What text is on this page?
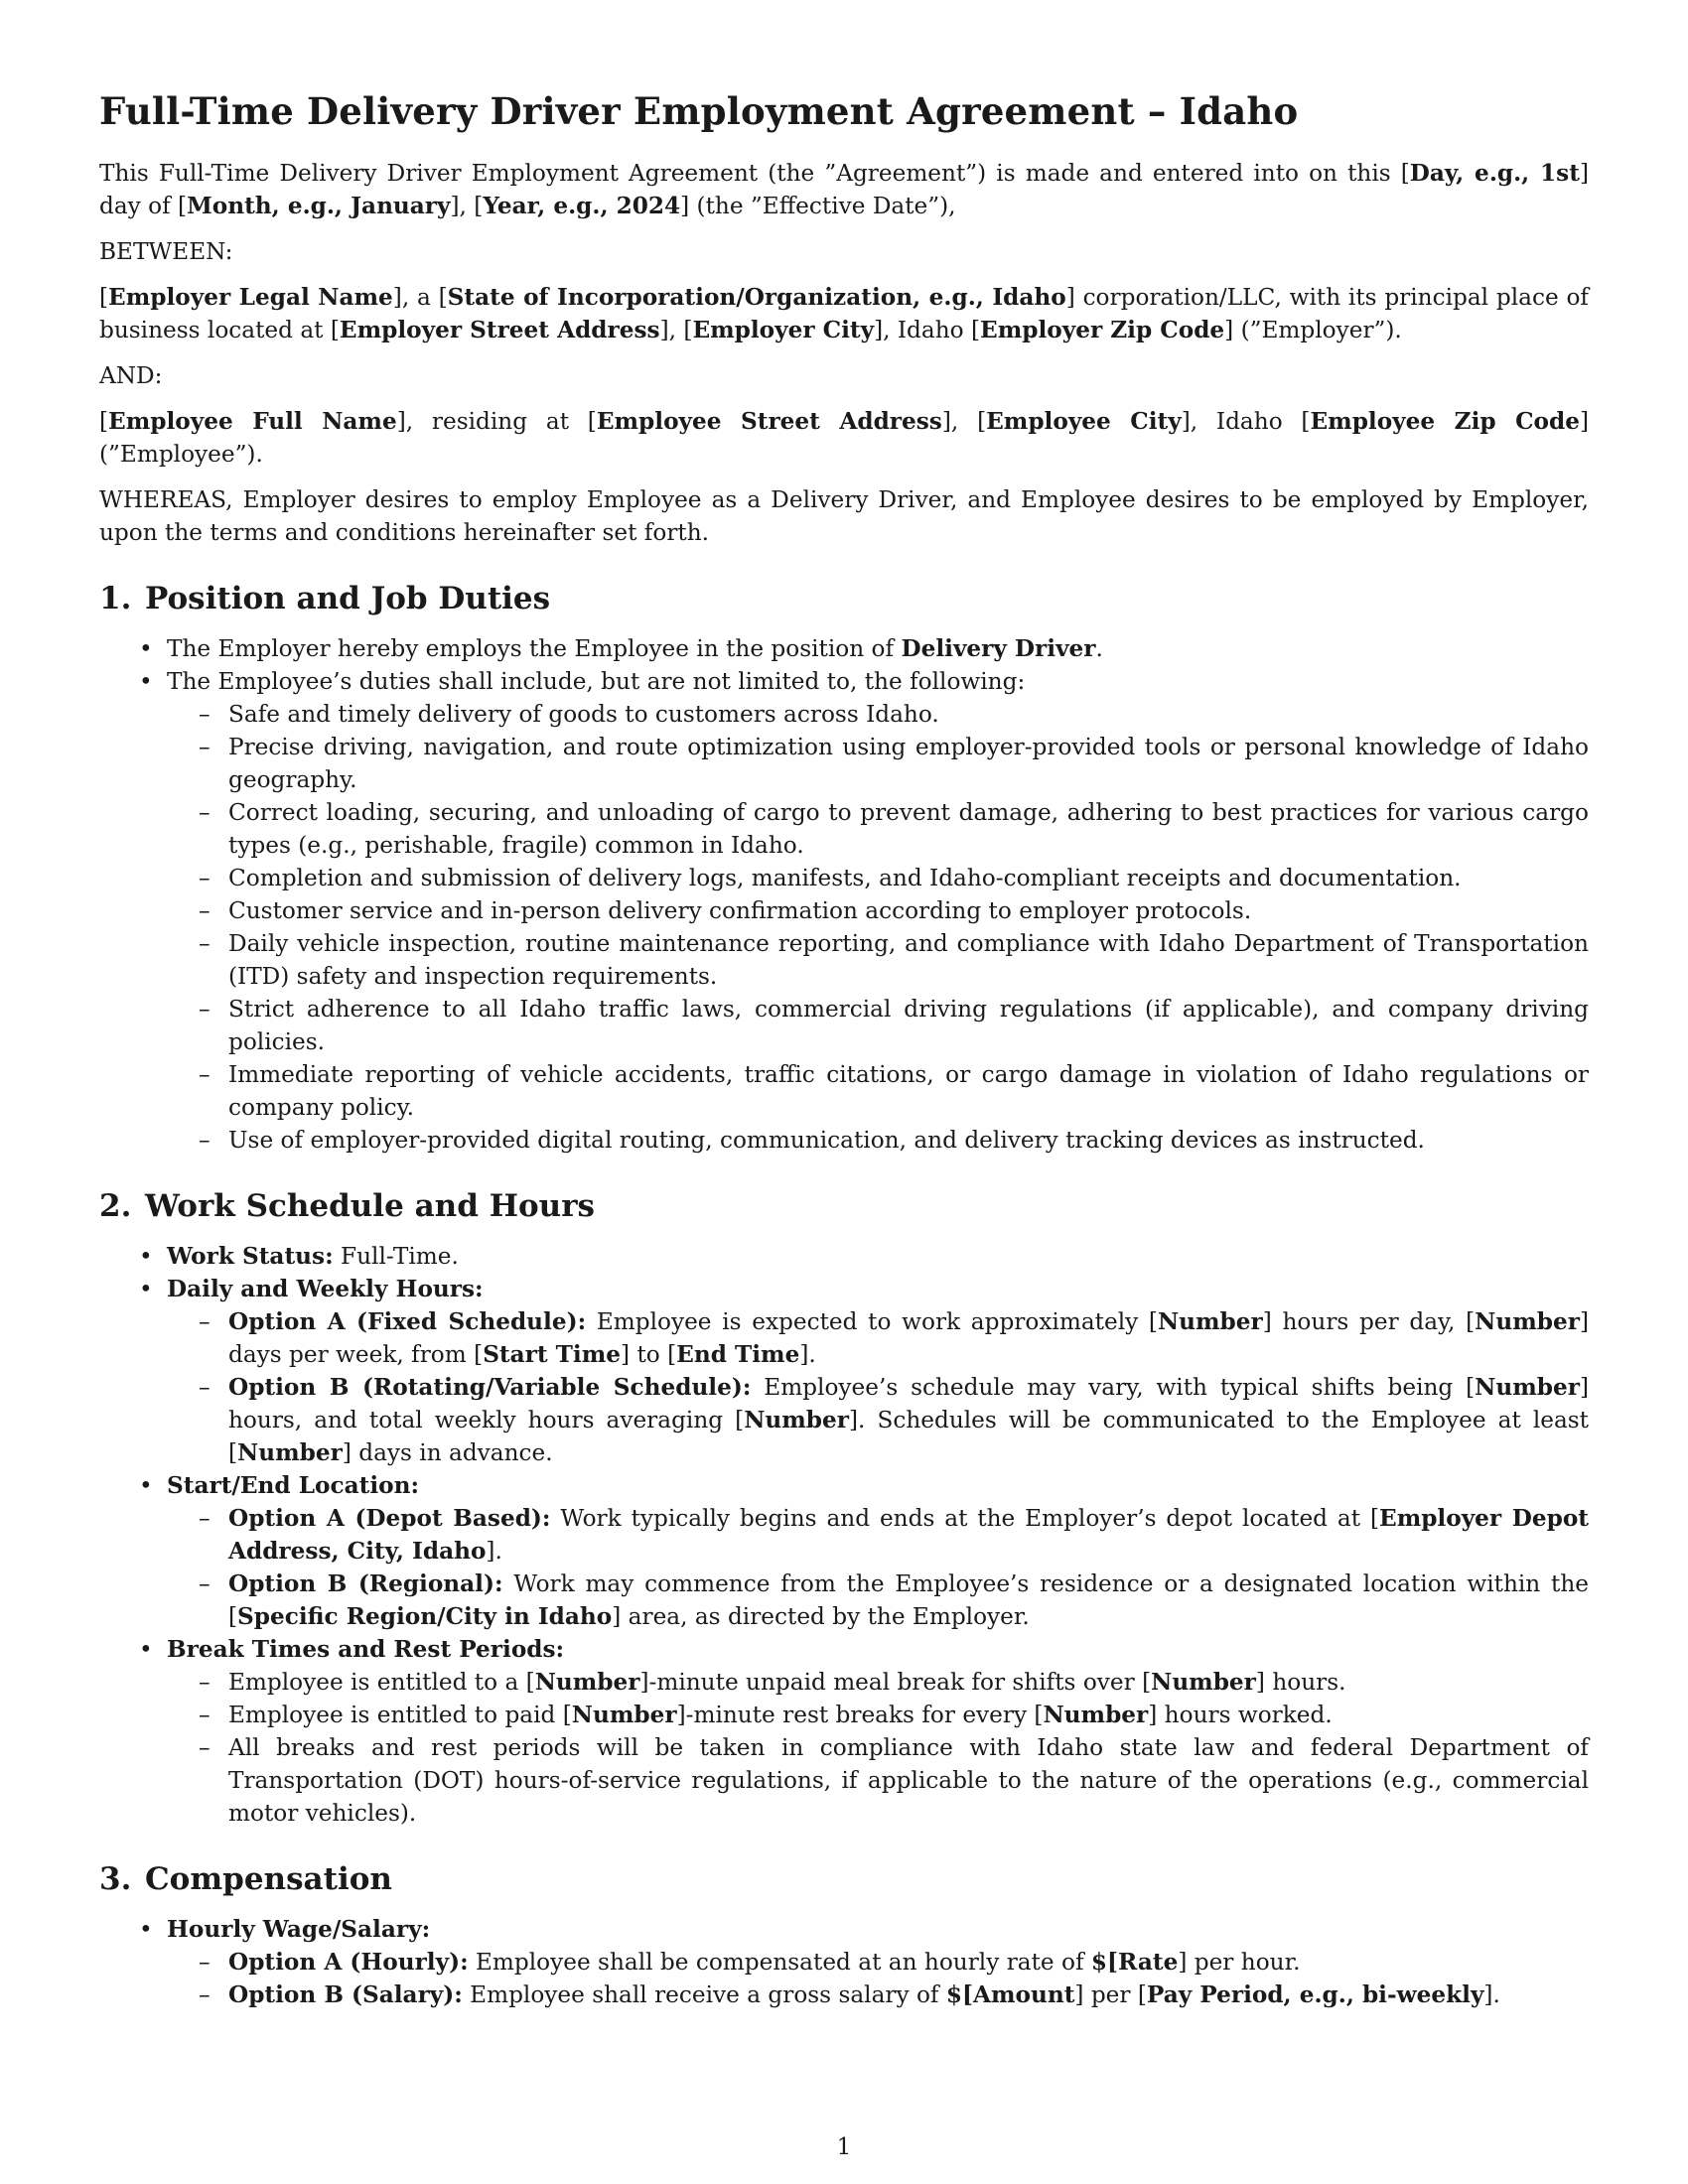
Full-Time Delivery Driver Employment Agreement – Idaho

This Full-Time Delivery Driver Employment Agreement (the ”Agreement”) is made and entered into on this [Day, e.g., 1st] day of [Month, e.g., January], [Year, e.g., 2024] (the ”Effective Date”),

BETWEEN:

[Employer Legal Name], a [State of Incorporation/Organization, e.g., Idaho] corporation/LLC, with its principal place of business located at [Employer Street Address], [Employer City], Idaho [Employer Zip Code] (”Employer”).

AND:

[Employee Full Name], residing at [Employee Street Address], [Employee City], Idaho [Employee Zip Code] (”Employee”).

WHEREAS, Employer desires to employ Employee as a Delivery Driver, and Employee desires to be employed by Employer, upon the terms and conditions hereinafter set forth.

1. Position and Job Duties
• The Employer hereby employs the Employee in the position of Delivery Driver.
• The Employee’s duties shall include, but are not limited to, the following:
– Safe and timely delivery of goods to customers across Idaho.
– Precise driving, navigation, and route optimization using employer-provided tools or personal knowledge of Idaho geography.
– Correct loading, securing, and unloading of cargo to prevent damage, adhering to best practices for various cargo types (e.g., perishable, fragile) common in Idaho.
– Completion and submission of delivery logs, manifests, and Idaho-compliant receipts and documentation.
– Customer service and in-person delivery confirmation according to employer protocols.
– Daily vehicle inspection, routine maintenance reporting, and compliance with Idaho Department of Transportation (ITD) safety and inspection requirements.
– Strict adherence to all Idaho traffic laws, commercial driving regulations (if applicable), and company driving policies.
– Immediate reporting of vehicle accidents, traffic citations, or cargo damage in violation of Idaho regulations or company policy.
– Use of employer-provided digital routing, communication, and delivery tracking devices as instructed.
2. Work Schedule and Hours
• Work Status: Full-Time.
• Daily and Weekly Hours:
– Option A (Fixed Schedule): Employee is expected to work approximately [Number] hours per day, [Number] days per week, from [Start Time] to [End Time].
– Option B (Rotating/Variable Schedule): Employee’s schedule may vary, with typical shifts being [Number] hours, and total weekly hours averaging [Number]. Schedules will be communicated to the Employee at least [Number] days in advance.
• Start/End Location:
– Option A (Depot Based): Work typically begins and ends at the Employer’s depot located at [Employer Depot Address, City, Idaho].
– Option B (Regional): Work may commence from the Employee’s residence or a designated location within the [Specific Region/City in Idaho] area, as directed by the Employer.
• Break Times and Rest Periods:
– Employee is entitled to a [Number]-minute unpaid meal break for shifts over [Number] hours.
– Employee is entitled to paid [Number]-minute rest breaks for every [Number] hours worked.
– All breaks and rest periods will be taken in compliance with Idaho state law and federal Department of Transportation (DOT) hours-of-service regulations, if applicable to the nature of the operations (e.g., commercial motor vehicles).
3. Compensation
• Hourly Wage/Salary:
– Option A (Hourly): Employee shall be compensated at an hourly rate of $[Rate] per hour.
– Option B (Salary): Employee shall receive a gross salary of $[Amount] per [Pay Period, e.g., bi-weekly].
1
